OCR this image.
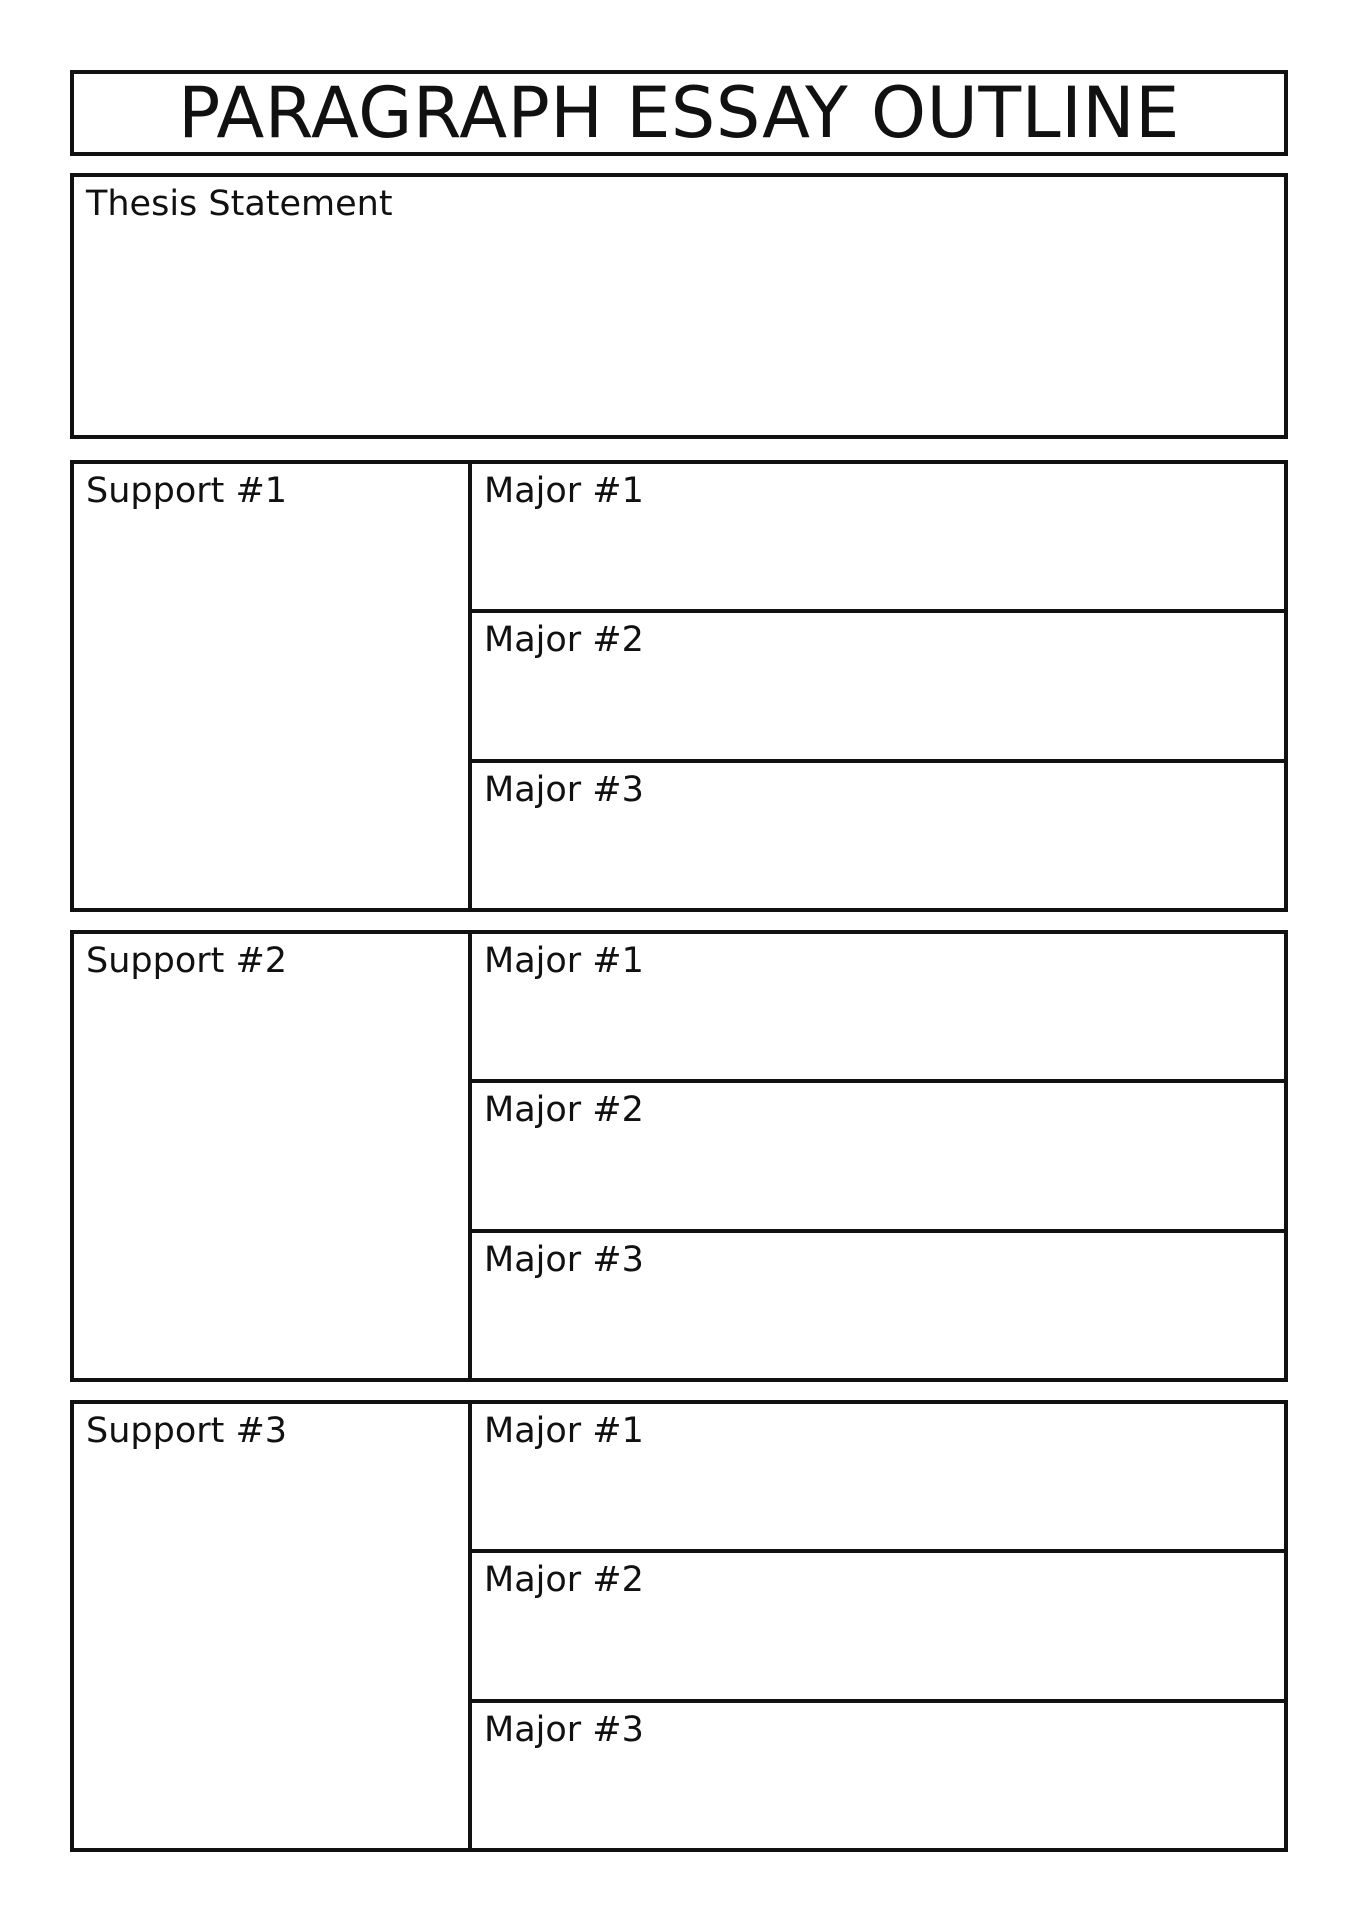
PARAGRAPH ESSAY OUTLINE
Thesis Statement
Support #1	Major #1
Major #2
Major #3
Support #2	Major #1
Major #2
Major #3
Support #3	Major #1
Major #2
Major #3
